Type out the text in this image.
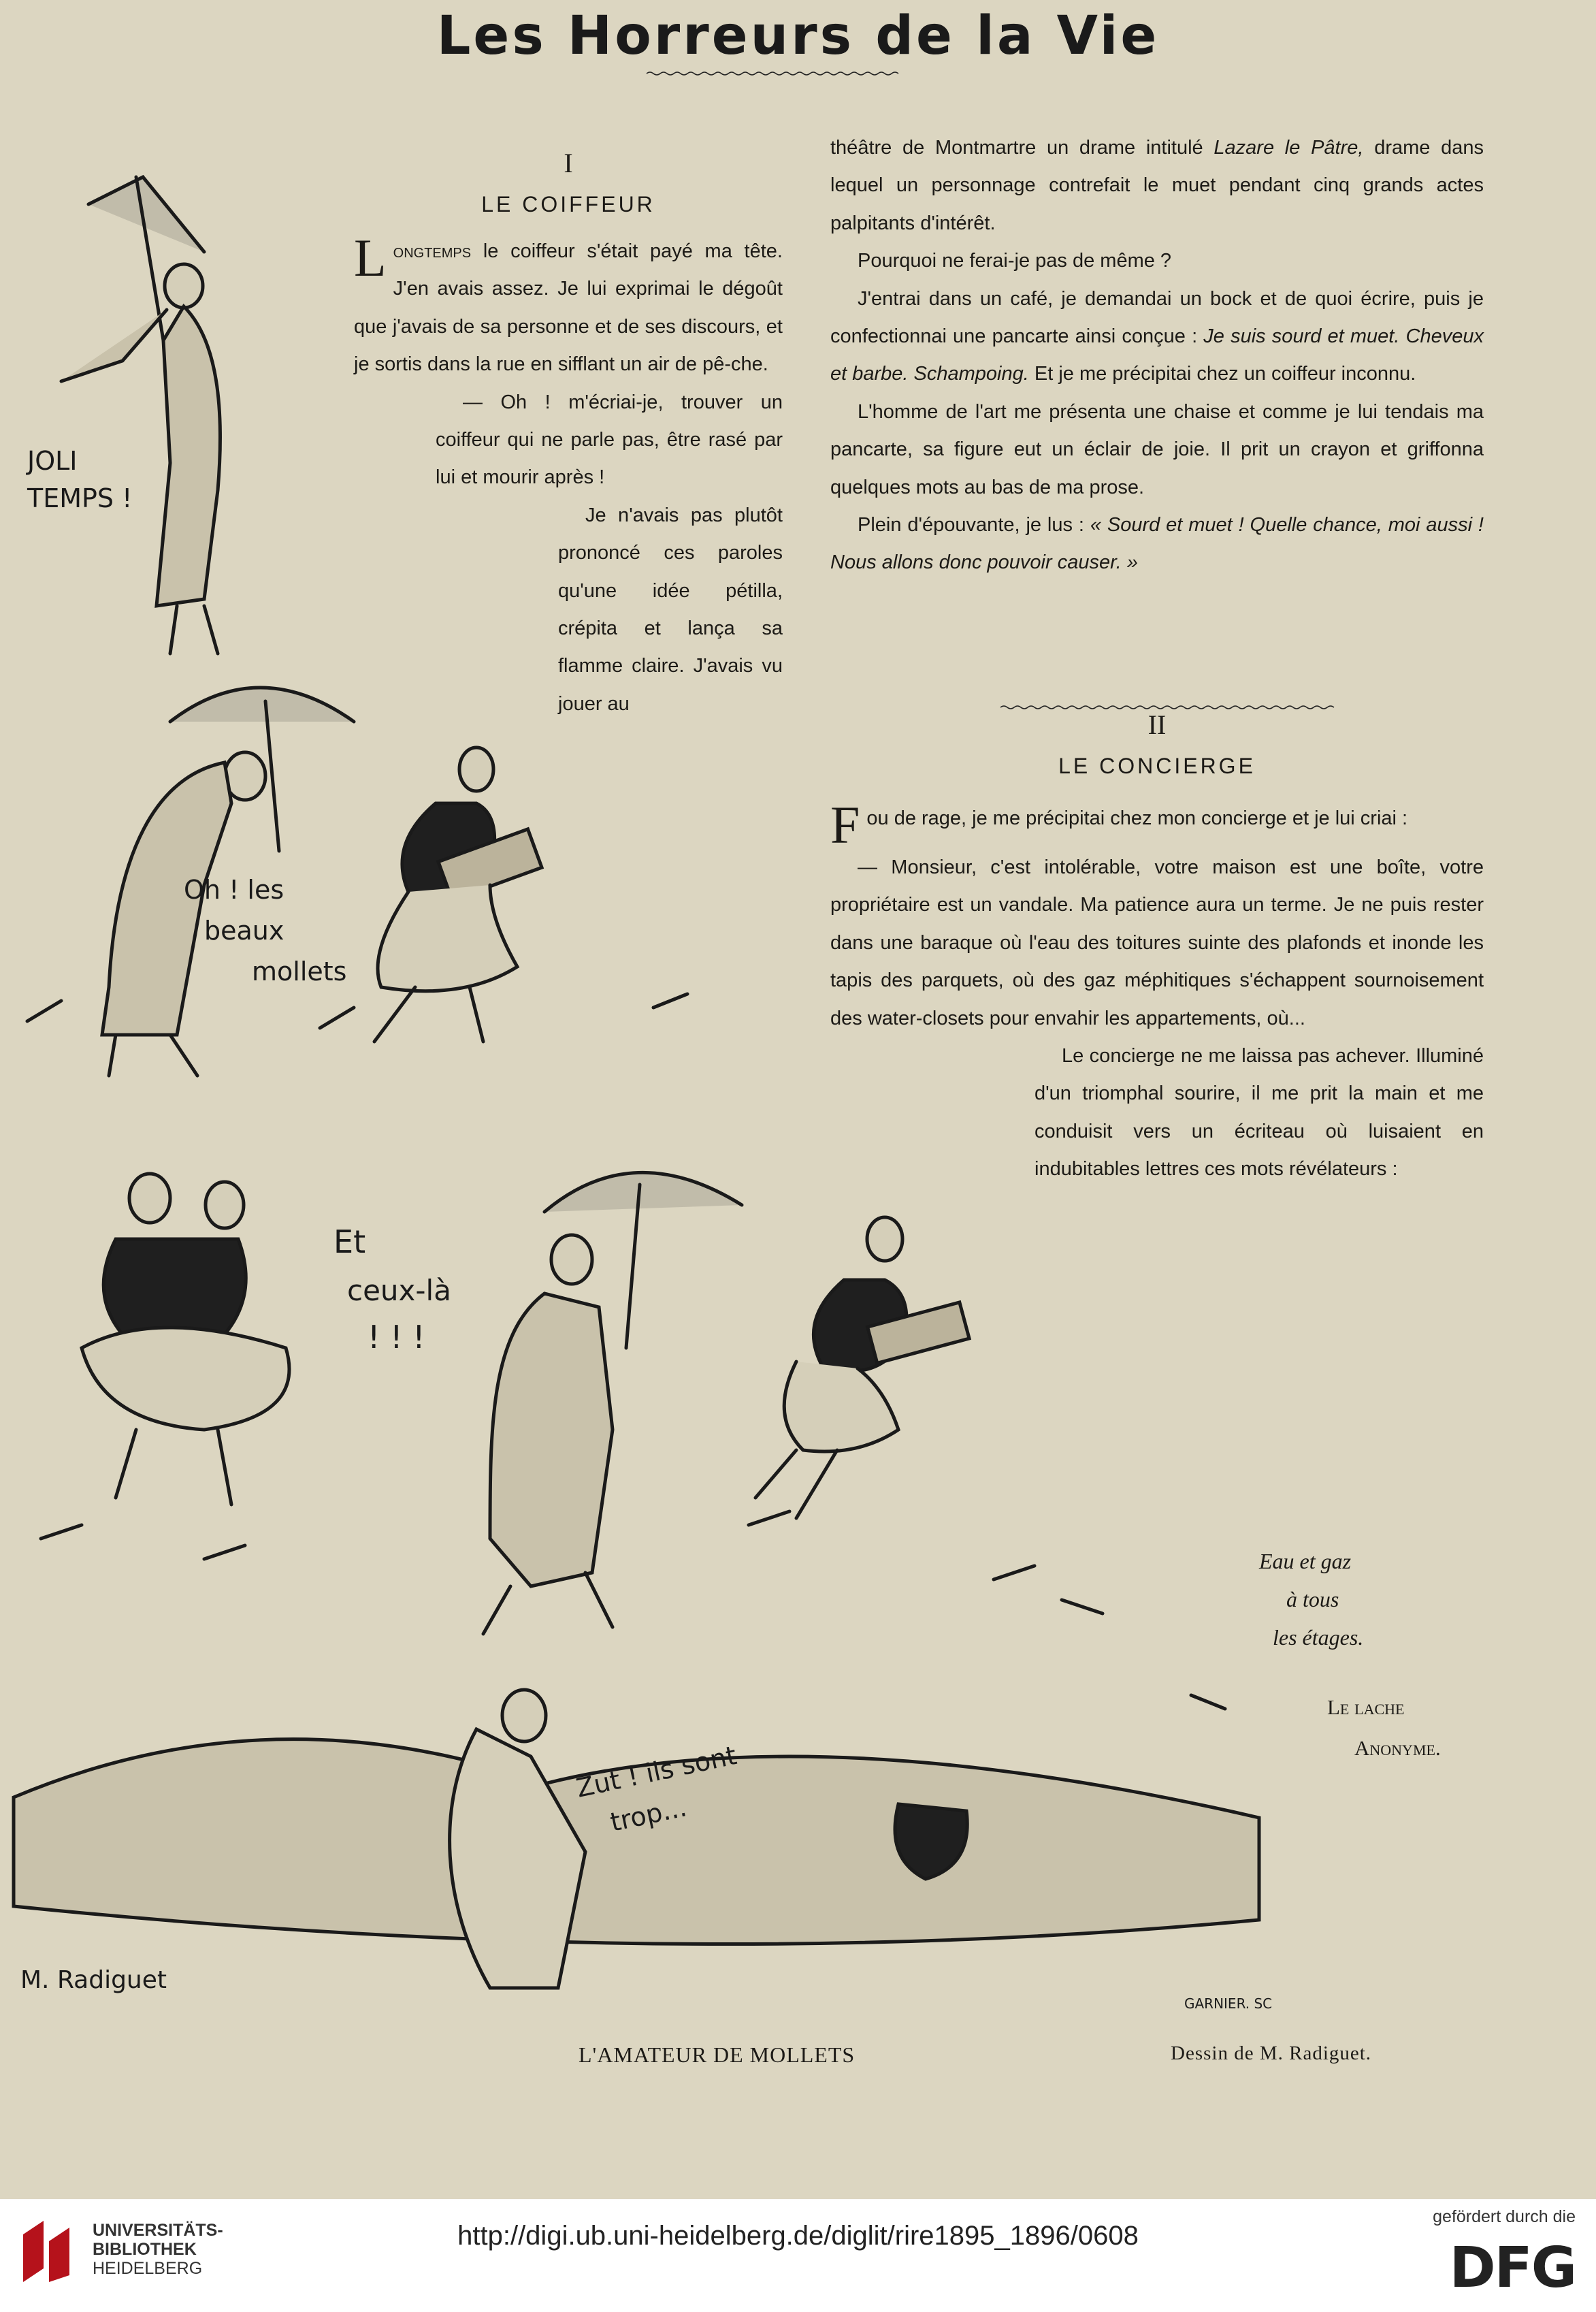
Les Horreurs de la Vie
I
LE COIFFEUR

Longtemps le coiffeur s'était payé ma tête. J'en avais assez. Je lui exprimai le dégoût que j'avais de sa personne et de ses discours, et je sortis dans la rue en sifflant un air de pê-che.

— Oh ! m'écriai-je, trouver un coiffeur qui ne parle pas, être rasé par lui et mourir après !

Je n'avais pas plutôt prononcé ces paroles qu'une idée pétilla, crépita et lança sa flamme claire. J'avais vu jouer au

théâtre de Montmartre un drame intitulé Lazare le Pâtre, drame dans lequel un personnage contrefait le muet pendant cinq grands actes palpitants d'intérêt.

Pourquoi ne ferai-je pas de même ?

J'entrai dans un café, je demandai un bock et de quoi écrire, puis je confectionnai une pancarte ainsi conçue : Je suis sourd et muet. Cheveux et barbe. Schampoing. Et je me précipitai chez un coiffeur inconnu.

L'homme de l'art me présenta une chaise et comme je lui tendais ma pancarte, sa figure eut un éclair de joie. Il prit un crayon et griffonna quelques mots au bas de ma prose.

Plein d'épouvante, je lus : « Sourd et muet ! Quelle chance, moi aussi ! Nous allons donc pouvoir causer. »

II
LE CONCIERGE

Fou de rage, je me précipitai chez mon concierge et je lui criai :

— Monsieur, c'est intolérable, votre maison est une boîte, votre propriétaire est un vandale. Ma patience aura un terme. Je ne puis rester dans une baraque où l'eau des toitures suinte des plafonds et inonde les tapis des parquets, où des gaz méphitiques s'échappent sournoisement des water-closets pour envahir les appartements, où...

Le concierge ne me laissa pas achever. Illuminé d'un triomphal sourire, il me prit la main et me conduisit vers un écriteau où luisaient en indubitables lettres ces mots révélateurs :

Eau et gaz
à tous
les étages.
Le lache
Anonyme.
JOLI
TEMPS !
Oh ! les
beaux
mollets
Et
ceux-là
! ! !
Zut ! ils sont
trop...
M. Radiguet
GARNIER. SC
L'AMATEUR DE MOLLETS	Dessin de M. Radiguet.
UNIVERSITÄTS-
BIBLIOTHEK
HEIDELBERG
http://digi.ub.uni-heidelberg.de/diglit/rire1895_1896/0608
gefördert durch die
DFG
